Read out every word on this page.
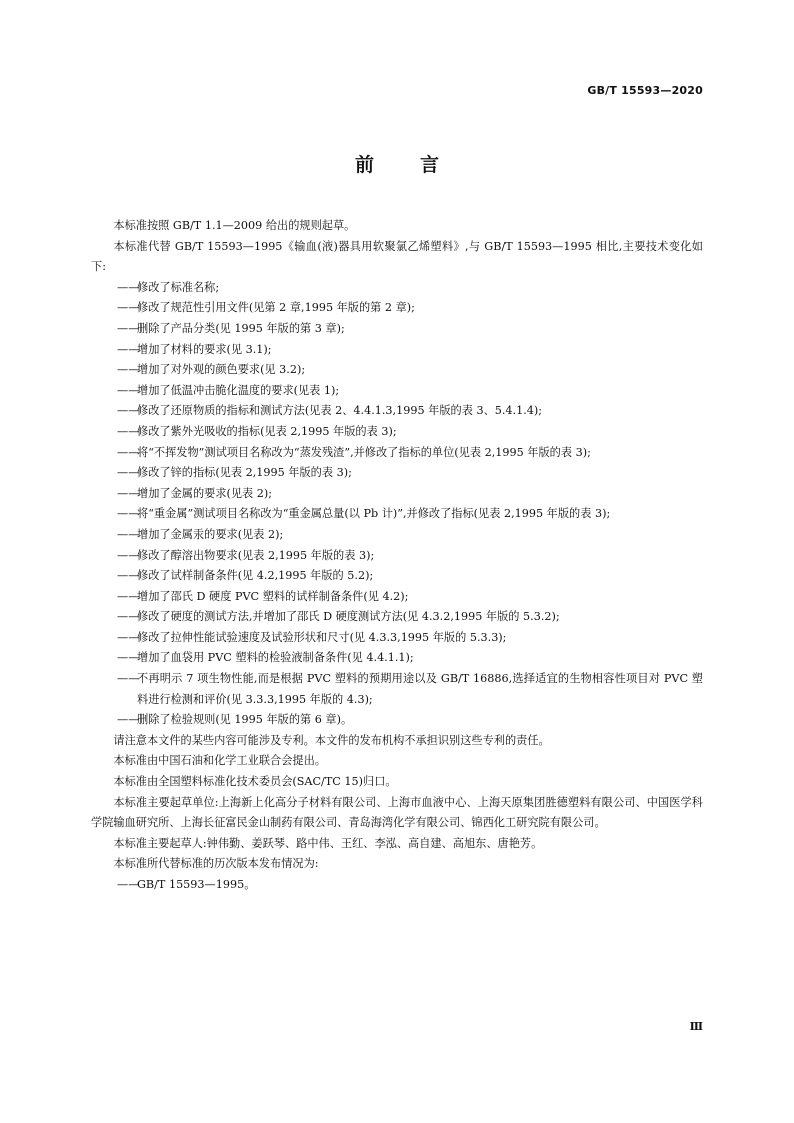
GB/T 15593—2020
前言

本标准按照 GB/T 1.1—2009 给出的规则起草。

本标准代替 GB/T 15593—1995《输血(液)器具用软聚氯乙烯塑料》,与 GB/T 15593—1995 相比,主要技术变化如下:

——
修改了标准名称;

——
修改了规范性引用文件(见第 2 章,1995 年版的第 2 章);

——
删除了产品分类(见 1995 年版的第 3 章);

——
增加了材料的要求(见 3.1);

——
增加了对外观的颜色要求(见 3.2);

——
增加了低温冲击脆化温度的要求(见表 1);

——
修改了还原物质的指标和测试方法(见表 2、4.4.1.3,1995 年版的表 3、5.4.1.4);

——
修改了紫外光吸收的指标(见表 2,1995 年版的表 3);

——
将“不挥发物”测试项目名称改为“蒸发残渣”,并修改了指标的单位(见表 2,1995 年版的表 3);

——
修改了锌的指标(见表 2,1995 年版的表 3);

——
增加了金属的要求(见表 2);

——
将“重金属”测试项目名称改为“重金属总量(以 Pb 计)”,并修改了指标(见表 2,1995 年版的表 3);

——
增加了金属汞的要求(见表 2);

——
修改了醇溶出物要求(见表 2,1995 年版的表 3);

——
修改了试样制备条件(见 4.2,1995 年版的 5.2);

——
增加了邵氏 D 硬度 PVC 塑料的试样制备条件(见 4.2);

——
修改了硬度的测试方法,并增加了邵氏 D 硬度测试方法(见 4.3.2,1995 年版的 5.3.2);

——
修改了拉伸性能试验速度及试验形状和尺寸(见 4.3.3,1995 年版的 5.3.3);

——
增加了血袋用 PVC 塑料的检验液制备条件(见 4.4.1.1);

——
不再明示 7 项生物性能,而是根据 PVC 塑料的预期用途以及 GB/T 16886,选择适宜的生物相容性项目对 PVC 塑料进行检测和评价(见 3.3.3,1995 年版的 4.3);

——
删除了检验规则(见 1995 年版的第 6 章)。

请注意本文件的某些内容可能涉及专利。本文件的发布机构不承担识别这些专利的责任。

本标准由中国石油和化学工业联合会提出。

本标准由全国塑料标准化技术委员会(SAC/TC 15)归口。

本标准主要起草单位:上海新上化高分子材料有限公司、上海市血液中心、上海天原集团胜德塑料有限公司、中国医学科学院输血研究所、上海长征富民金山制药有限公司、青岛海湾化学有限公司、锦西化工研究院有限公司。

本标准主要起草人:钟伟勤、姜跃琴、路中伟、王红、李泓、高自建、高旭东、唐艳芳。

本标准所代替标准的历次版本发布情况为:

——
GB/T 15593—1995。

Ⅲ
